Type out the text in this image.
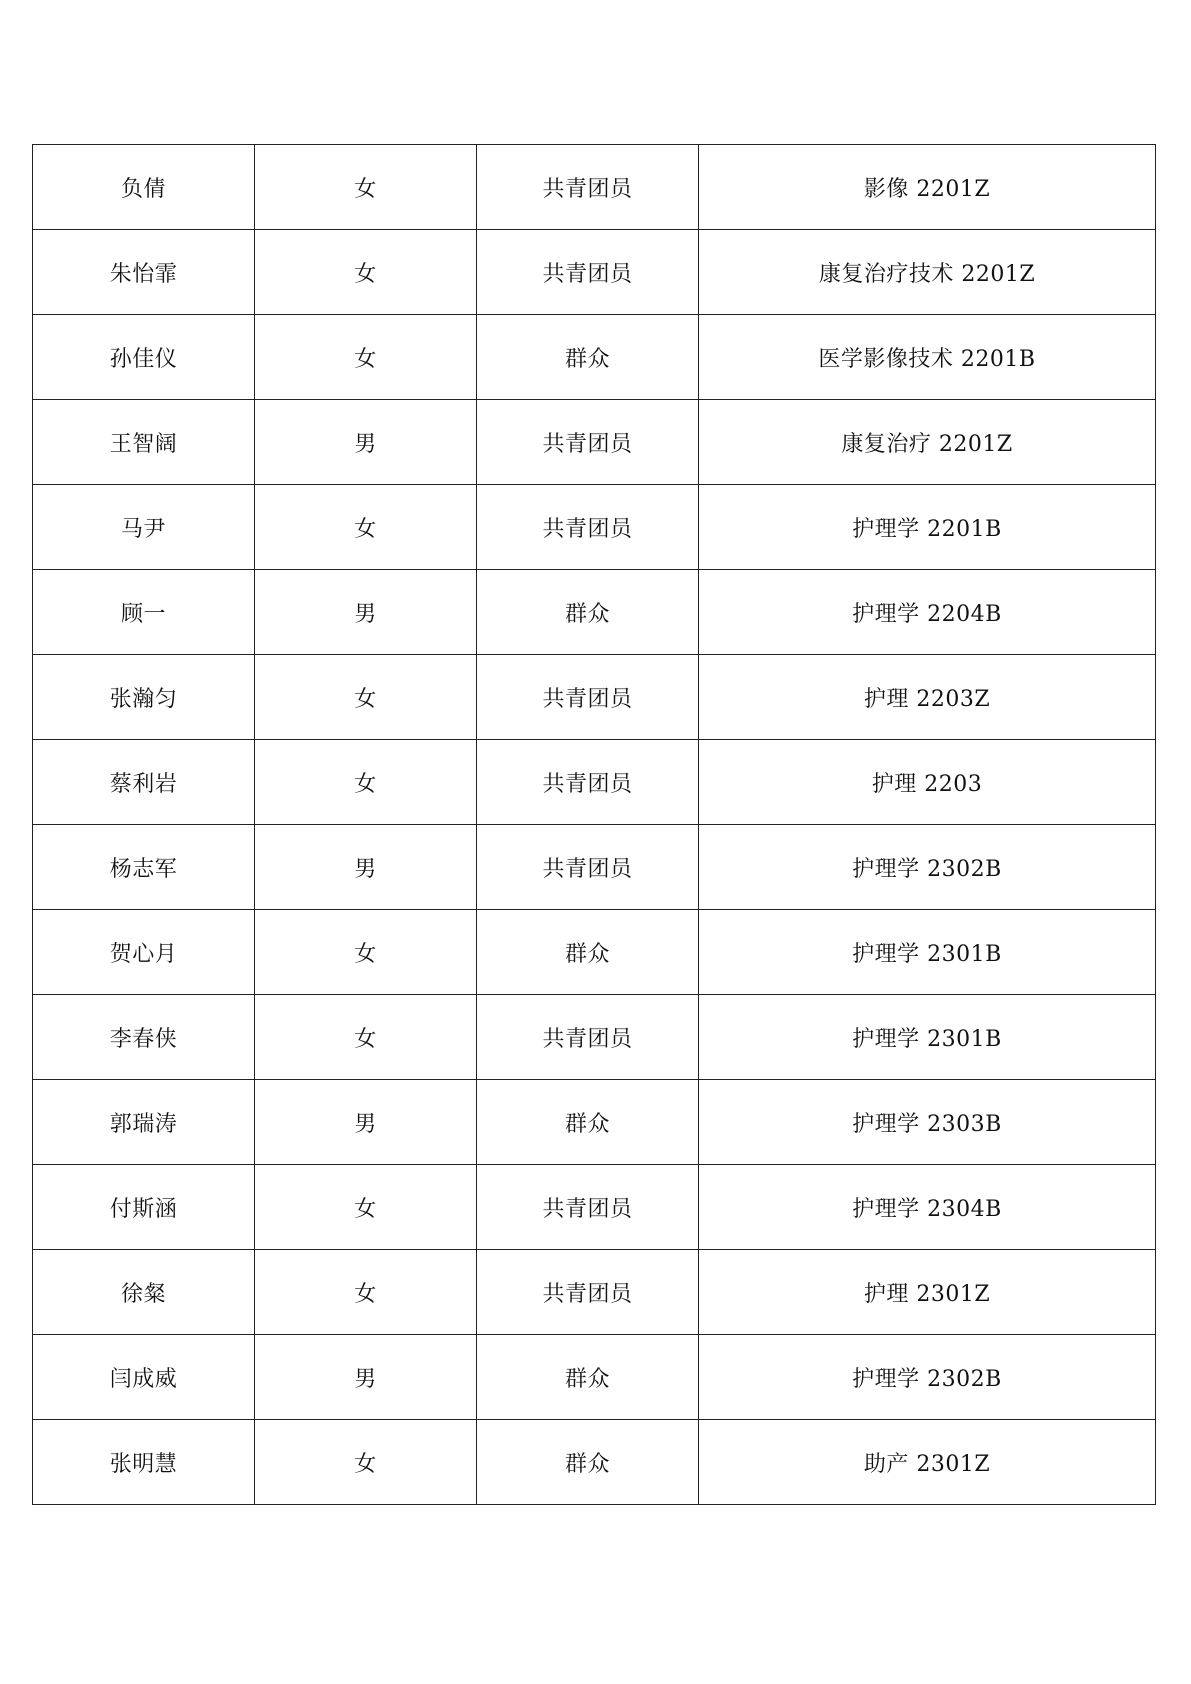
负倩	女	共青团员	影像 2201Z
朱怡霏	女	共青团员	康复治疗技术 2201Z
孙佳仪	女	群众	医学影像技术 2201B
王智阔	男	共青团员	康复治疗 2201Z
马尹	女	共青团员	护理学 2201B
顾一	男	群众	护理学 2204B
张瀚匀	女	共青团员	护理 2203Z
蔡利岩	女	共青团员	护理 2203
杨志军	男	共青团员	护理学 2302B
贺心月	女	群众	护理学 2301B
李春侠	女	共青团员	护理学 2301B
郭瑞涛	男	群众	护理学 2303B
付斯涵	女	共青团员	护理学 2304B
徐粲	女	共青团员	护理 2301Z
闫成威	男	群众	护理学 2302B
张明慧	女	群众	助产 2301Z
